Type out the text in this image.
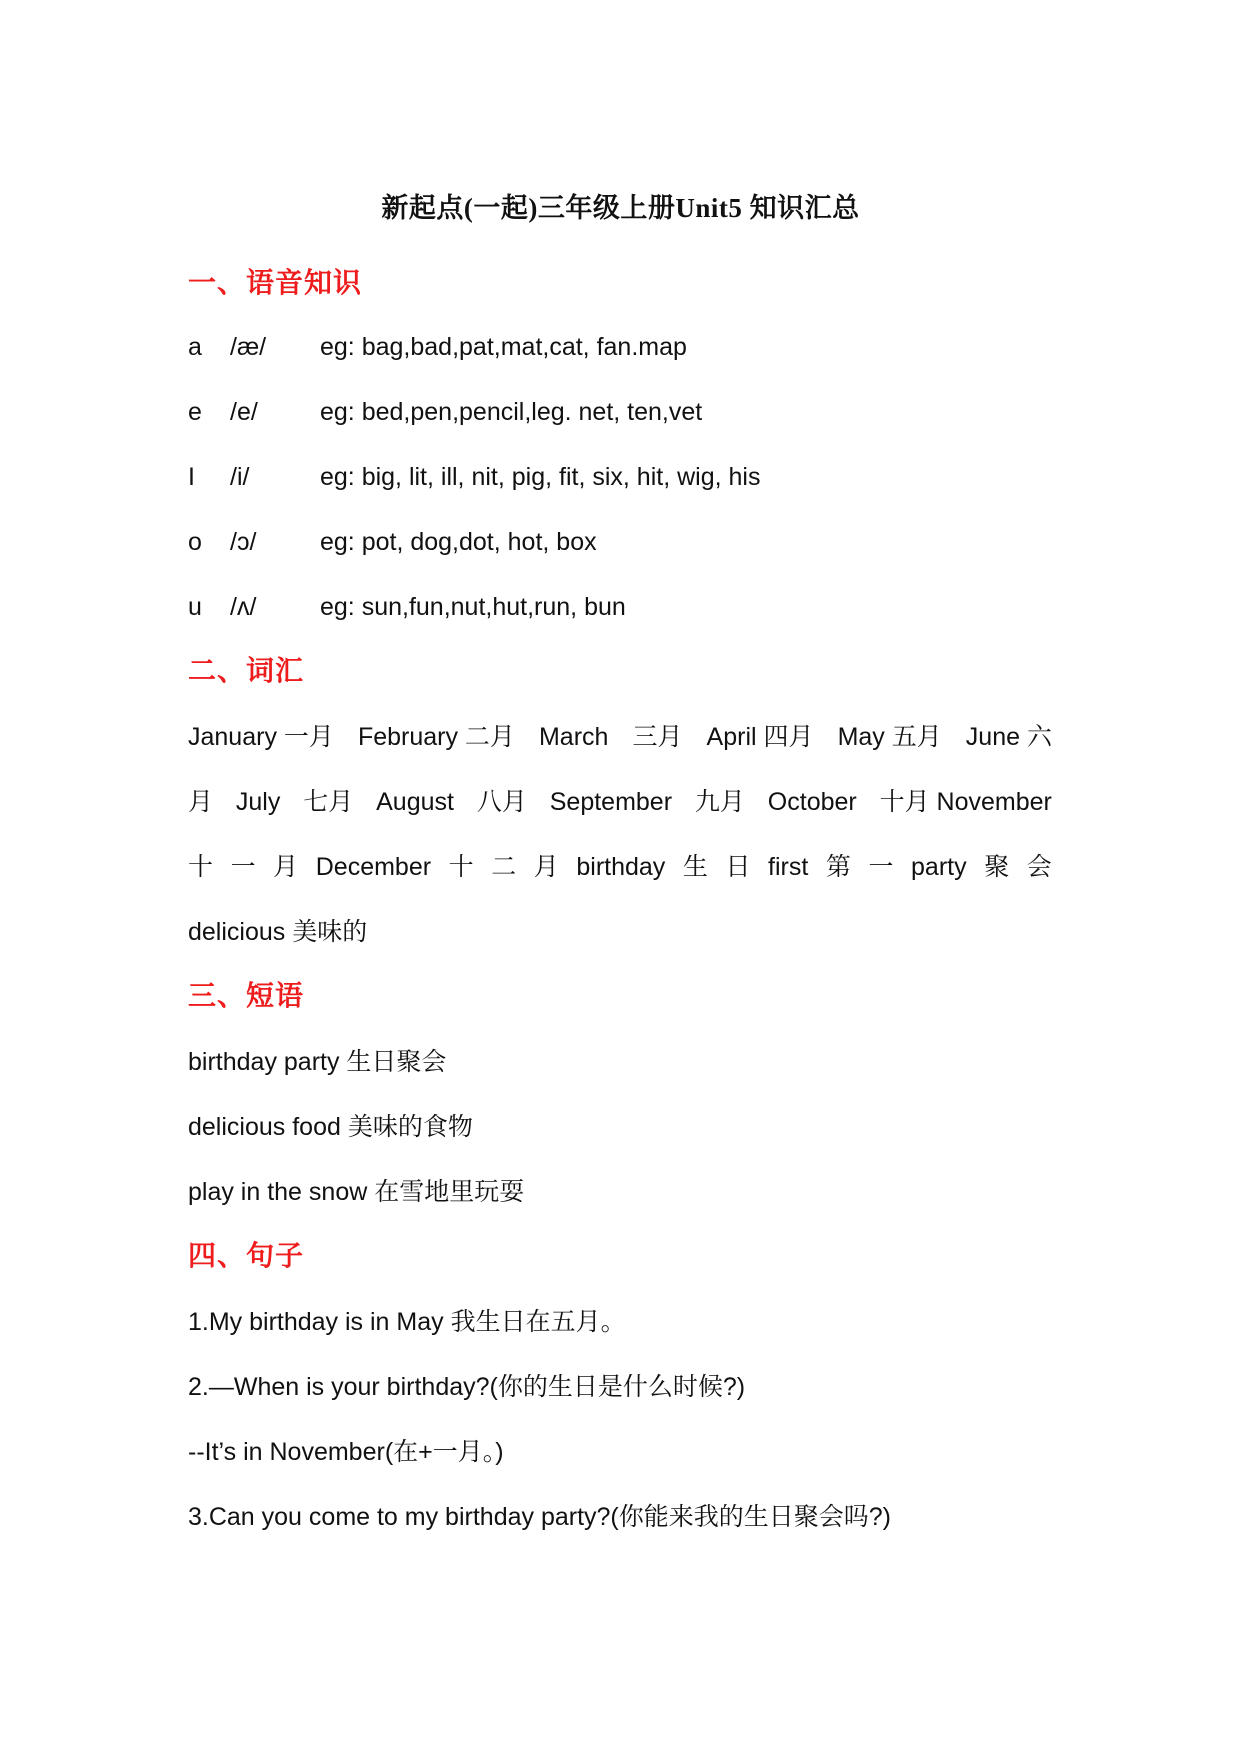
新起点(一起)三年级上册Unit5 知识汇总
一、语音知识
a /æ/ eg: bag,bad,pat,mat,cat, fan.map
e /e/ eg: bed,pen,pencil,leg. net, ten,vet
I /i/	eg: big, lit, ill, nit, pig, fit, six, hit, wig, his
o /ɔ/	eg: pot, dog,dot, hot, box
u /ʌ/	eg: sun,fun,nut,hut,run, bun
二、词汇
January 一月 February 二月 March 三月 April 四月 May 五月 June 六
月 July 七月 August 八月 September 九月 October 十月 November
十 一 月 December 十 二 月 birthday 生 日 first 第 一 party 聚 会
delicious 美味的
三、短语
birthday party 生日聚会
delicious food 美味的食物
play in the snow 在雪地里玩耍
四、句子
1.My birthday is in May 我生日在五月。
2.—When is your birthday?(你的生日是什么时候?)
--It’s in November(在+一月。)
3.Can you come to my birthday party?(你能来我的生日聚会吗?)
